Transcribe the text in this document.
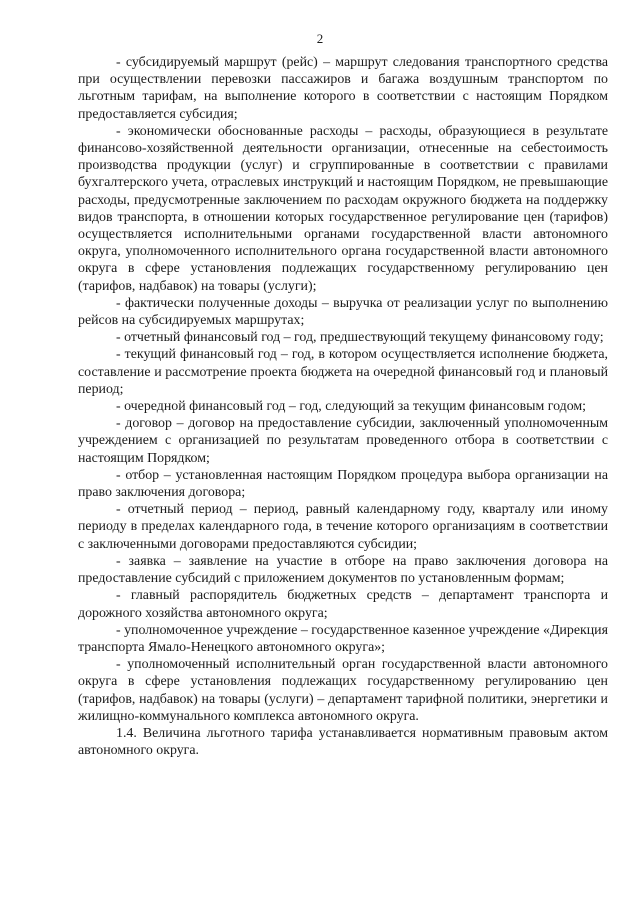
2

- субсидируемый маршрут (рейс) – маршрут следования транспортного средства при осуществлении перевозки пассажиров и багажа воздушным транспортом по льготным тарифам, на выполнение которого в соответствии с настоящим Порядком предоставляется субсидия;

- экономически обоснованные расходы – расходы, образующиеся в результате финансово-хозяйственной деятельности организации, отнесенные на себестоимость производства продукции (услуг) и сгруппированные в соответствии с правилами бухгалтерского учета, отраслевых инструкций и настоящим Порядком, не превышающие расходы, предусмотренные заключением по расходам окружного бюджета на поддержку видов транспорта, в отношении которых государственное регулирование цен (тарифов) осуществляется исполнительными органами государственной власти автономного округа, уполномоченного исполнительного органа государственной власти автономного округа в сфере установления подлежащих государственному регулированию цен (тарифов, надбавок) на товары (услуги);

- фактически полученные доходы – выручка от реализации услуг по выполнению рейсов на субсидируемых маршрутах;

- отчетный финансовый год – год, предшествующий текущему финансовому году;

- текущий финансовый год – год, в котором осуществляется исполнение бюджета, составление и рассмотрение проекта бюджета на очередной финансовый год и плановый период;

- очередной финансовый год – год, следующий за текущим финансовым годом;

- договор – договор на предоставление субсидии, заключенный уполномоченным учреждением с организацией по результатам проведенного отбора в соответствии с настоящим Порядком;

- отбор – установленная настоящим Порядком процедура выбора организации на право заключения договора;

- отчетный период – период, равный календарному году, кварталу или иному периоду в пределах календарного года, в течение которого организациям в соответствии с заключенными договорами предоставляются субсидии;

- заявка – заявление на участие в отборе на право заключения договора на предоставление субсидий с приложением документов по установленным формам;

- главный распорядитель бюджетных средств – департамент транспорта и дорожного хозяйства автономного округа;

- уполномоченное учреждение – государственное казенное учреждение «Дирекция транспорта Ямало-Ненецкого автономного округа»;

- уполномоченный исполнительный орган государственной власти автономного округа в сфере установления подлежащих государственному регулированию цен (тарифов, надбавок) на товары (услуги) – департамент тарифной политики, энергетики и жилищно-коммунального комплекса автономного округа.

1.4. Величина льготного тарифа устанавливается нормативным правовым актом автономного округа.
